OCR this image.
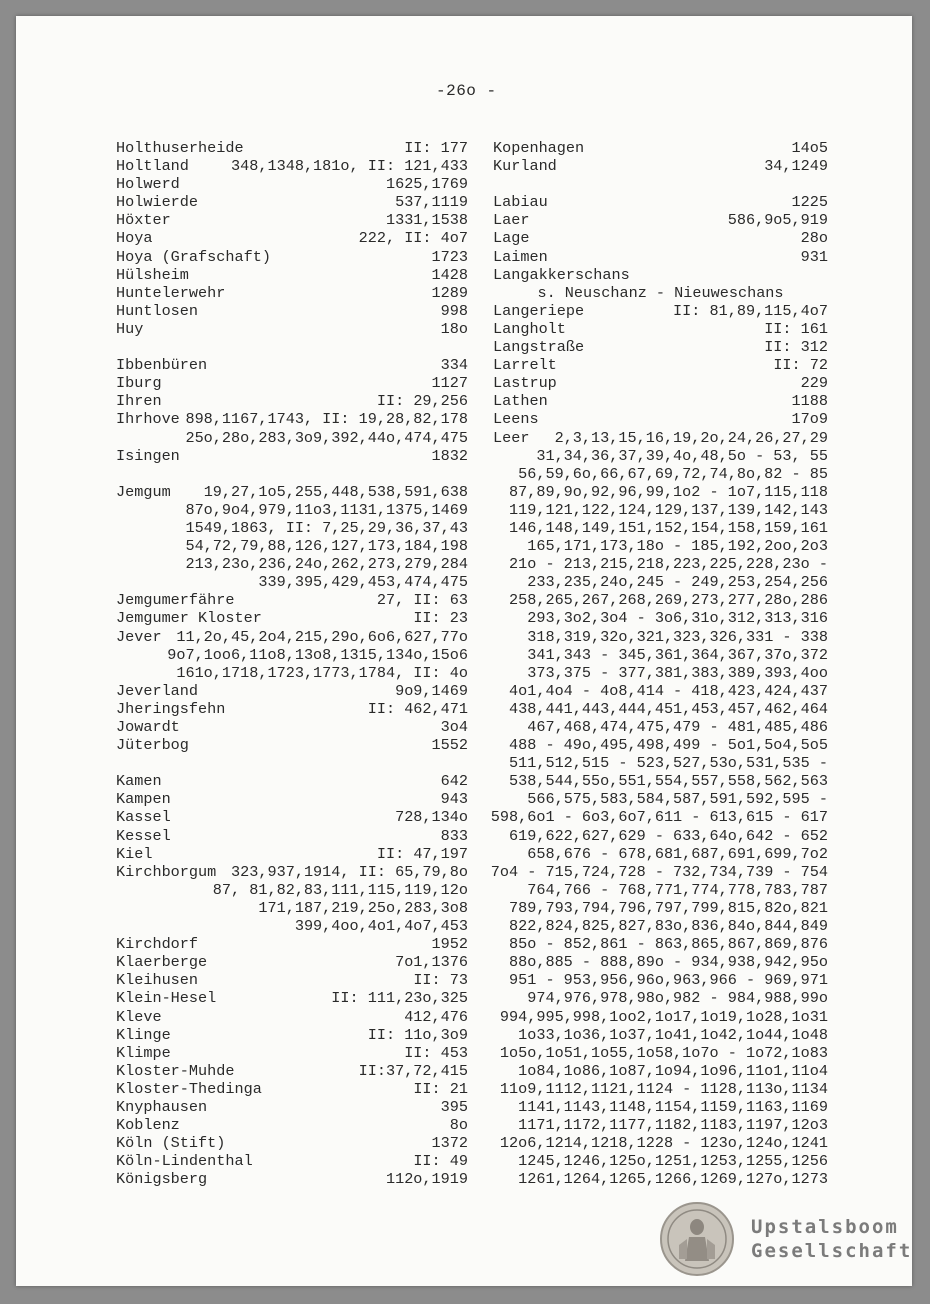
-26o -
Holthuserheide	II: 177
Holtland	348,1348,181o, II: 121,433
Holwerd	1625,1769
Holwierde	537,1119
Höxter	1331,1538
Hoya	222, II: 4o7
Hoya (Grafschaft)	1723
Hülsheim	1428
Huntelerwehr	1289
Huntlosen	998
Huy	18o
Ibbenbüren	334
Iburg	1127
Ihren	II: 29,256
Ihrhove 898,1167,1743, II: 19,28,82,178
25o,28o,283,3o9,392,44o,474,475
Isingen	1832
Jemgum 19,27,1o5,255,448,538,591,638
87o,9o4,979,11o3,1131,1375,1469
1549,1863, II: 7,25,29,36,37,43
54,72,79,88,126,127,173,184,198
213,23o,236,24o,262,273,279,284
339,395,429,453,474,475
Jemgumerfähre	27, II: 63
Jemgumer Kloster	II: 23
Jever 11,2o,45,2o4,215,29o,6o6,627,77o
9o7,1oo6,11o8,13o8,1315,134o,15o6
161o,1718,1723,1773,1784, II: 4o
Jeverland	9o9,1469
Jheringsfehn	II: 462,471
Jowardt	3o4
Jüterbog	1552
Kamen	642
Kampen	943
Kassel	728,134o
Kessel	833
Kiel	II: 47,197
Kirchborgum 323,937,1914, II: 65,79,8o
87, 81,82,83,111,115,119,12o
171,187,219,25o,283,3o8
399,4oo,4o1,4o7,453
Kirchdorf	1952
Klaerberge	7o1,1376
Kleihusen	II: 73
Klein-Hesel	II: 111,23o,325
Kleve	412,476
Klinge	II: 11o,3o9
Klimpe	II: 453
Kloster-Muhde	II:37,72,415
Kloster-Thedinga	II: 21
Knyphausen	395
Koblenz	8o
Köln (Stift)	1372
Köln-Lindenthal	II: 49
Königsberg	112o,1919
Kopenhagen	14o5
Kurland	34,1249
Labiau	1225
Laer	586,9o5,919
Lage	28o
Laimen	931
Langakkerschans
s. Neuschanz - Nieuweschans
Langeriepe	II: 81,89,115,4o7
Langholt	II: 161
Langstraße	II: 312
Larrelt	II: 72
Lastrup	229
Lathen	1188
Leens	17o9
Leer 2,3,13,15,16,19,2o,24,26,27,29
31,34,36,37,39,4o,48,5o - 53, 55
56,59,6o,66,67,69,72,74,8o,82 - 85
87,89,9o,92,96,99,1o2 - 1o7,115,118
119,121,122,124,129,137,139,142,143
146,148,149,151,152,154,158,159,161
165,171,173,18o - 185,192,2oo,2o3
21o - 213,215,218,223,225,228,23o -
233,235,24o,245 - 249,253,254,256
258,265,267,268,269,273,277,28o,286
293,3o2,3o4 - 3o6,31o,312,313,316
318,319,32o,321,323,326,331 - 338
341,343 - 345,361,364,367,37o,372
373,375 - 377,381,383,389,393,4oo
4o1,4o4 - 4o8,414 - 418,423,424,437
438,441,443,444,451,453,457,462,464
467,468,474,475,479 - 481,485,486
488 - 49o,495,498,499 - 5o1,5o4,5o5
511,512,515 - 523,527,53o,531,535 -
538,544,55o,551,554,557,558,562,563
566,575,583,584,587,591,592,595 -
598,6o1 - 6o3,6o7,611 - 613,615 - 617
619,622,627,629 - 633,64o,642 - 652
658,676 - 678,681,687,691,699,7o2
7o4 - 715,724,728 - 732,734,739 - 754
764,766 - 768,771,774,778,783,787
789,793,794,796,797,799,815,82o,821
822,824,825,827,83o,836,84o,844,849
85o - 852,861 - 863,865,867,869,876
88o,885 - 888,89o - 934,938,942,95o
951 - 953,956,96o,963,966 - 969,971
974,976,978,98o,982 - 984,988,99o
994,995,998,1oo2,1o17,1o19,1o28,1o31
1o33,1o36,1o37,1o41,1o42,1o44,1o48
1o5o,1o51,1o55,1o58,1o7o - 1o72,1o83
1o84,1o86,1o87,1o94,1o96,11o1,11o4
11o9,1112,1121,1124 - 1128,113o,1134
1141,1143,1148,1154,1159,1163,1169
1171,1172,1177,1182,1183,1197,12o3
12o6,1214,1218,1228 - 123o,124o,1241
1245,1246,125o,1251,1253,1255,1256
1261,1264,1265,1266,1269,127o,1273
Upstalsboom
Gesellschaft
